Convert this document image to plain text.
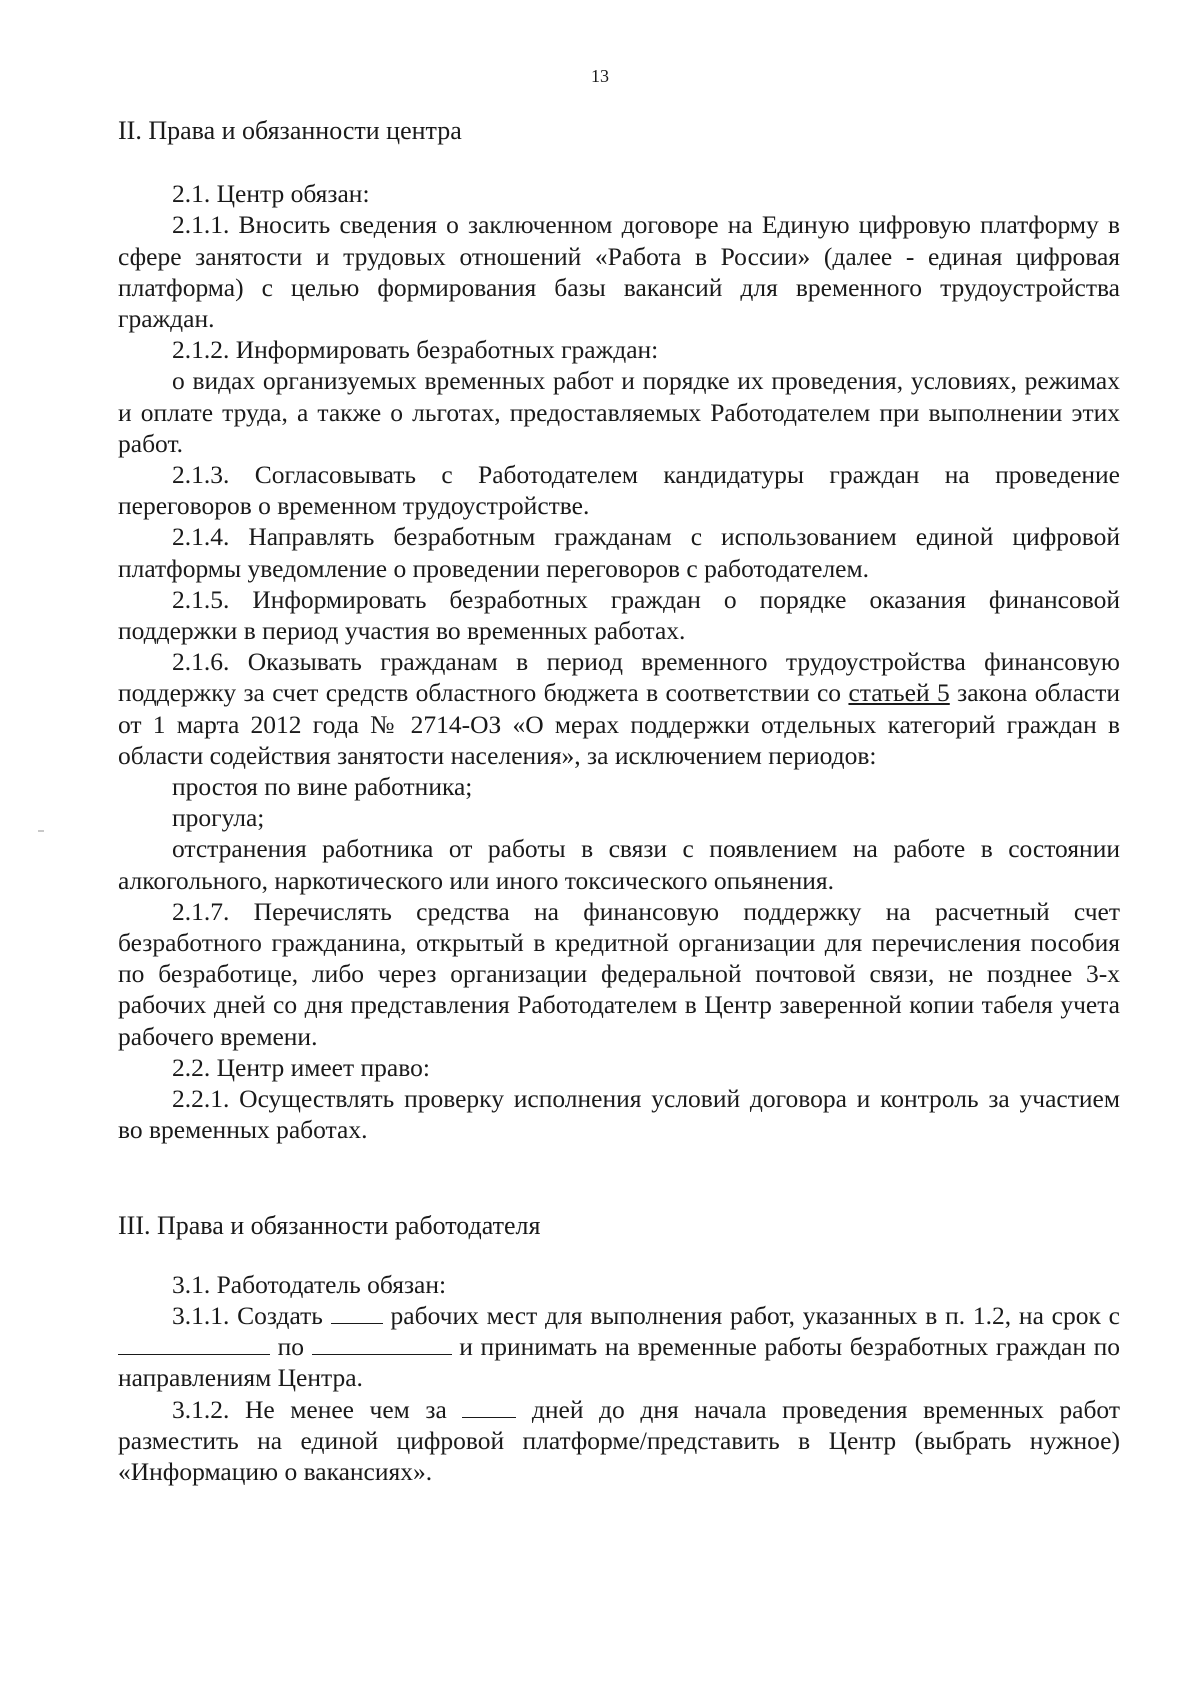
13

II. Права и обязанности центра

2.1. Центр обязан:

2.1.1. Вносить сведения о заключенном договоре на Единую цифровую платформу в сфере занятости и трудовых отношений «Работа в России» (далее - единая цифровая платформа) с целью формирования базы вакансий для временного трудоустройства граждан.

2.1.2. Информировать безработных граждан:

о видах организуемых временных работ и порядке их проведения, условиях, режимах и оплате труда, а также о льготах, предоставляемых Работодателем при выполнении этих работ.

2.1.3. Согласовывать с Работодателем кандидатуры граждан на проведение переговоров о временном трудоустройстве.

2.1.4. Направлять безработным гражданам с использованием единой цифровой платформы уведомление о проведении переговоров с работодателем.

2.1.5. Информировать безработных граждан о порядке оказания финансовой поддержки в период участия во временных работах.

2.1.6. Оказывать гражданам в период временного трудоустройства финансовую поддержку за счет средств областного бюджета в соответствии со статьей 5 закона области от 1 марта 2012 года № 2714-ОЗ «О мерах поддержки отдельных категорий граждан в области содействия занятости населения», за исключением периодов:

простоя по вине работника;

прогула;

отстранения работника от работы в связи с появлением на работе в состоянии алкогольного, наркотического или иного токсического опьянения.

2.1.7. Перечислять средства на финансовую поддержку на расчетный счет безработного гражданина, открытый в кредитной организации для перечисления пособия по безработице, либо через организации федеральной почтовой связи, не позднее 3-х рабочих дней со дня представления Работодателем в Центр заверенной копии табеля учета рабочего времени.

2.2. Центр имеет право:

2.2.1. Осуществлять проверку исполнения условий договора и контроль за участием во временных работах.

III. Права и обязанности работодателя

3.1. Работодатель обязан:

3.1.1. Создать  рабочих мест для выполнения работ, указанных в п. 1.2, на срок с  по	и принимать на временные работы безработных граждан по направлениям Центра.

3.1.2. Не менее чем за  дней до дня начала проведения временных работ разместить на единой цифровой платформе/представить в Центр (выбрать нужное) «Информацию о вакансиях».
